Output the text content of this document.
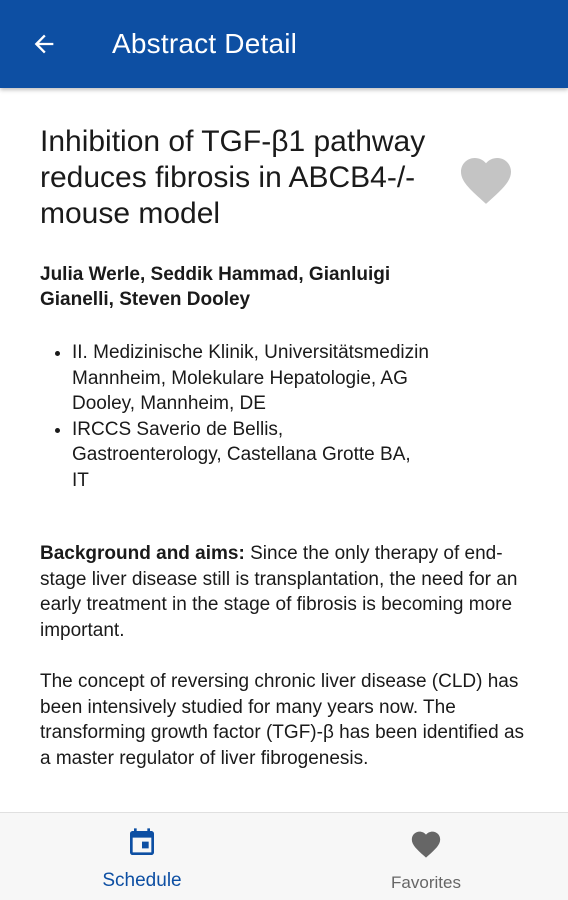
Abstract Detail
Inhibition of TGF-β1 pathway reduces fibrosis in ABCB4-/- mouse model
Julia Werle, Seddik Hammad, Gianluigi Gianelli, Steven Dooley
• II. Medizinische Klinik, Universitätsmedizin Mannheim, Molekulare Hepatologie, AG Dooley, Mannheim, DE
• IRCCS Saverio de Bellis, Gastroenterology, Castellana Grotte BA, IT

Background and aims: Since the only therapy of end-stage liver disease still is transplantation, the need for an early treatment in the stage of fibrosis is becoming more important.

The concept of reversing chronic liver disease (CLD) has been intensively studied for many years now. The transforming growth factor (TGF)-β has been identified as a master regulator of liver fibrogenesis.

Schedule	Favorites
